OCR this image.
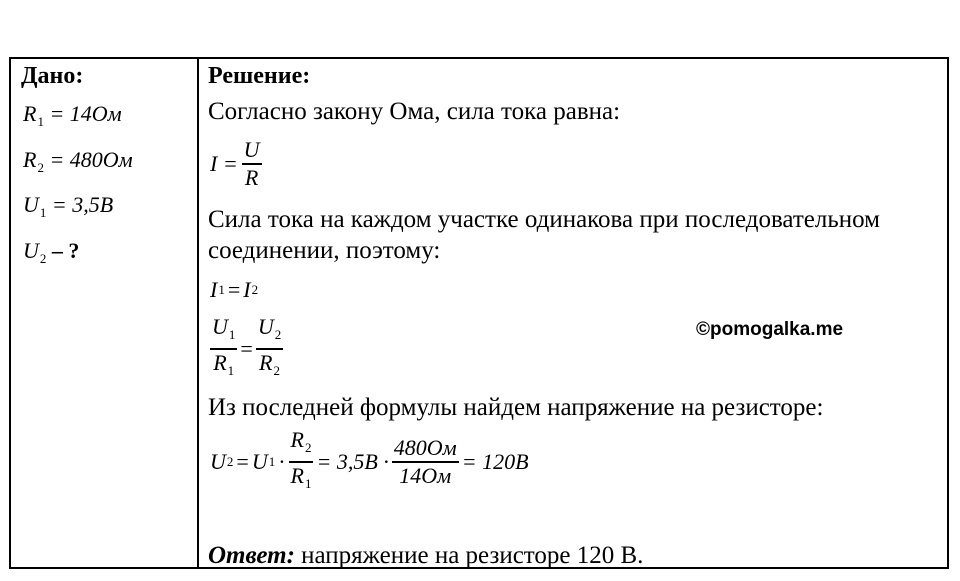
Дано:	Решение:
$R_1 = 14Ом$
$R_2 = 480Ом$
$U_1 = 3,5B$
$U_2$ – ?
Согласно закону Ома, сила тока равна:
$I = \frac{U}{R}$
Сила тока на каждом участке одинакова при последовательном
соединении, поэтому:
I 1 = I 2
$\frac{U_1}{R_1} = \frac{U_2}{R_2}$
Из последней формулы найдем напряжение на резисторе:
U 2 = U $1 \cdot \frac{R_2}{R_1} = 3,5B \cdot \frac{480Ом}{14Ом} = 120B$
Ответ: напряжение на резисторе 120 В.
©pomogalka.me
